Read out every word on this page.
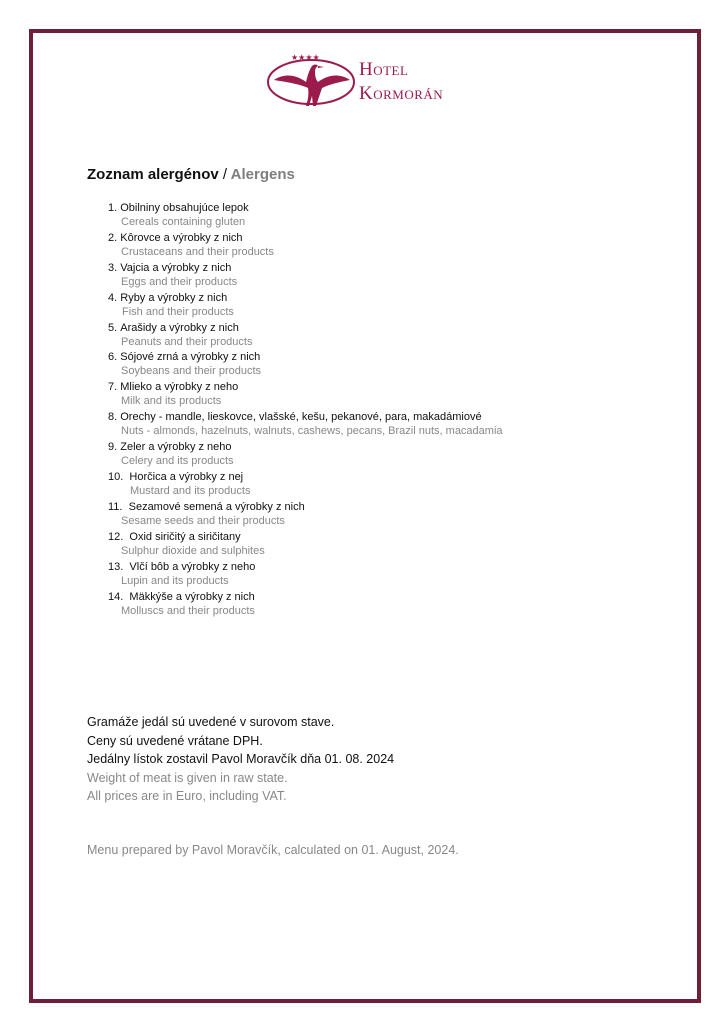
★★★★
Hotel
Kormorán
Zoznam alergénov / Alergens
1. Obilniny obsahujúce lepok
Cereals containing gluten
2. Kôrovce a výrobky z nich
Crustaceans and their products
3. Vajcia a výrobky z nich
Eggs and their products
4. Ryby a výrobky z nich
Fish and their products
5. Arašidy a výrobky z nich
Peanuts and their products
6. Sójové zrná a výrobky z nich
Soybeans and their products
7. Mlieko a výrobky z neho
Milk and its products
8. Orechy - mandle, lieskovce, vlašské, kešu, pekanové, para, makadámiové
Nuts - almonds, hazelnuts, walnuts, cashews, pecans, Brazil nuts, macadamia
9. Zeler a výrobky z neho
Celery and its products
10. Horčica a výrobky z nej
Mustard and its products
11. Sezamové semená a výrobky z nich
Sesame seeds and their products
12. Oxid siričitý a siričitany
Sulphur dioxide and sulphites
13. Vlčí bôb a výrobky z neho
Lupin and its products
14. Mäkkýše a výrobky z nich
Molluscs and their products
Gramáže jedál sú uvedené v surovom stave.
Ceny sú uvedené vrátane DPH.
Jedálny lístok zostavil Pavol Moravčík dňa 01. 08. 2024
Weight of meat is given in raw state.
All prices are in Euro, including VAT.
Menu prepared by Pavol Moravčík, calculated on 01. August, 2024.
